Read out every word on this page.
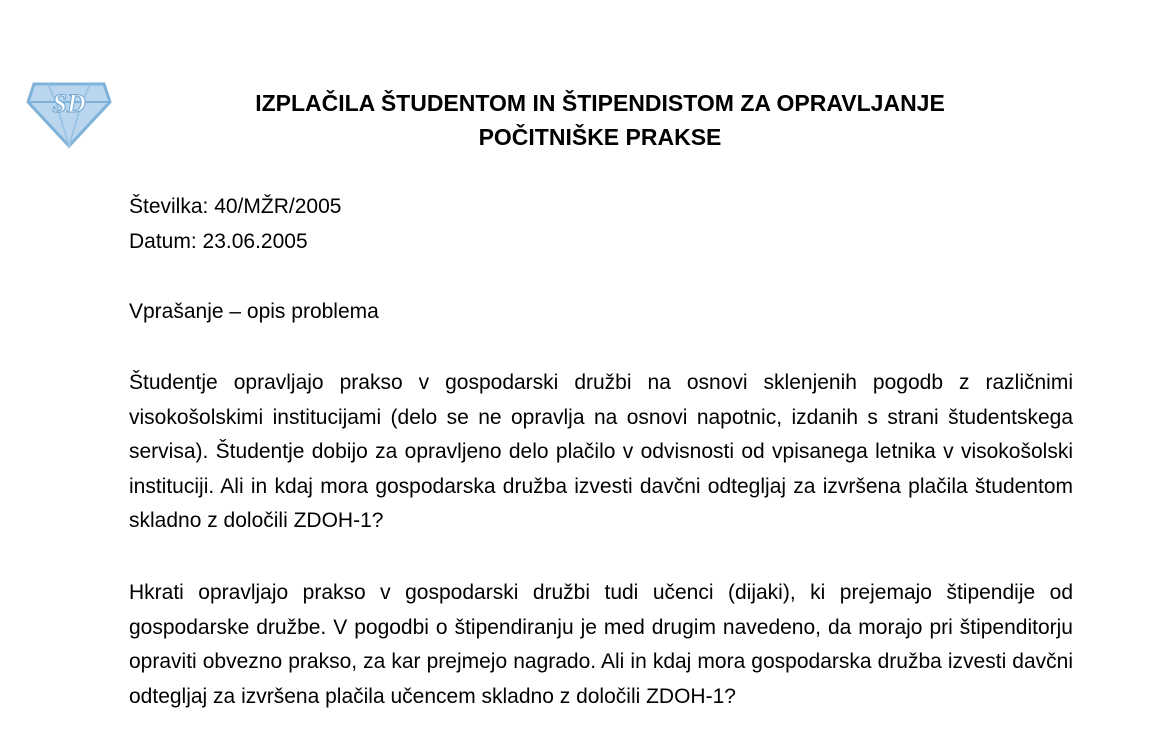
SD	IZPLAČILA ŠTUDENTOM IN ŠTIPENDISTOM ZA OPRAVLJANJE
POČITNIŠKE PRAKSE

Številka: 40/MŽR/2005

Datum: 23.06.2005

Vprašanje – opis problema

Študentje opravljajo prakso v gospodarski družbi na osnovi sklenjenih pogodb z različnimi visokošolskimi institucijami (delo se ne opravlja na osnovi napotnic, izdanih s strani študentskega servisa). Študentje dobijo za opravljeno delo plačilo v odvisnosti od vpisanega letnika v visokošolski instituciji. Ali in kdaj mora gospodarska družba izvesti davčni odtegljaj za izvršena plačila študentom skladno z določili ZDOH-1?

Hkrati opravljajo prakso v gospodarski družbi tudi učenci (dijaki), ki prejemajo štipendije od gospodarske družbe. V pogodbi o štipendiranju je med drugim navedeno, da morajo pri štipenditorju opraviti obvezno prakso, za kar prejmejo nagrado. Ali in kdaj mora gospodarska družba izvesti davčni odtegljaj za izvršena plačila učencem skladno z določili ZDOH-1?
